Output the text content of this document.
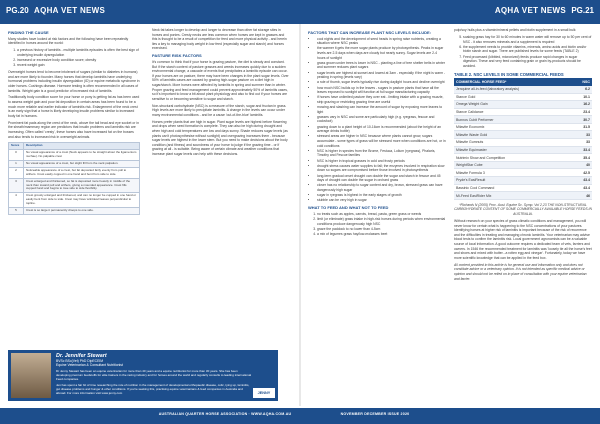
PG.20 AQHA VET NEWS	AQHA VET NEWS PG.21
FINDING THE CAUSE

Many studies have looked at risk factors and the following have been repeatedly identified in horses around the world:

1. a previous history of laminitis - multiple laminitis episodes is often the best sign of underlying insulin dysregulation
2. increased or excessive body condition score; obesity
3. recent weight gain

Overweight horses tend to become intolerant of sugars (similar to diabetes in humans) and are more likely to founder. Many horses that develop laminitis have underlying hormonal problems including insulin dysregulation (ID) or equine metabolic syndrome in older horses. Cushings disease. Hormone testing is often recommended in all cases of laminitis. Weight gain is a good predictor of increased risk of laminitis.

Traditionally body condition score for your horse or pony is getting fat as has been used to assess weight gain and poor fat deposition in certain areas has been found to be a much more reliable and earlier indicator of laminitis risk. Enlargement of the neck crest is an early sign that a horse is likely developing insulin problems similar to increased body fat in humans.

Prominent fat pads along the crest of the neck, above the tail head and eye socket or in the sheath/mammary region are predictors that insulin problems and laminitis risk are increasing. Often called 'cresty', these horses also have increased fat on the bosses and also tends to increased risk in overweight animals.

Score	Description
0	No visual appearance of a crest (Neck appears to be straight about the ligamentum nuchae). No palpable crest
1	No visual appearance of a crest, but slight fill from the neck palpation.
2	Noticeable appearance of a crest, but fat deposited fairly evenly from poll to withers. Crest easily cupped in one hand and bent from side to side.
3	Crest enlarged and thickened, so fat is deposited more heavily in middle of the neck than toward poll and withers, giving a mounded appearance. Crest fills cupped hand and begins to lose side to side flexibility.
4	Crest grossly enlarged and thickened, and can no longer be cupped in one hand or easily bent from side to side. Crest may have wrinkles/creases perpendicular to topline.
5	Crest is so large it permanently droops to one side.

Neck fat takes longer to develop and longer to decrease than other fat storage sites in horses and ponies. Cresty necks are less common when horses are kept in grasses and this is thought to be a result of competition for feed and more physical activity - and herein lies a key to managing body weight in low feed (especially sugar and starch) and horses exercised.

PASTURE RISK FACTORS

It's common to think that if your horse is grazing pasture, the diet is steady and constant. But if the starch content of pasture grasses and weeds increases quickly due to a sudden environmental change, a cascade of events that precipitates a laminitic episode can occur. If your horses are on pasture, there may have been changes in the plant sugar levels. Over 50% of laminitis cases are caused by grazing high-sugar pasture on a diet high in sugar/starch. More horses were affected by laminitis in spring and summer than in winter. Proper grazing and feed management could prevent approximately 50% of laminitis cases, so it's important to know a bit about plant physiology and also to find out if your horses are sensitive to or becoming sensitive to sugar and starch.

Non-structural carbohydrate (NSC) is a measure of the starch, sugar and fructan in grass. High levels are more likely to precipitate laminitis. A change in the levels can occur under many environmental conditions - and be a cause 'out-of-the-blue' laminitis.

Horses prefer plants that are high in sugar. Plant sugar levels are highest before flowering and drops when seed formation is complete. They can also be high during drought and when high and cold temperatures are low and days sunny. Shade reduces sugar levels (as plants can't photosynthesise without sunlight) and overgrazing increases them - because sugar levels are highest in the lower stem. But you need to make decisions about the body condition (and fitness) and soundness of your horse to judge if the grazing time - or if grazing at all - is suitable. Being aware of certain climate and weather conditions that increase plant sugar levels can help with these decisions.

Dr. Jennifer Stewart
BVSc BSc(Vet) PhD DipECEIM
Equine Veterinarian & Consultant Nutritionist
Dr Jenny Stewart has been an equine veterinarian for more than 40 years and a equine nutritionist for more than 30 years. She has been developing premium feedstuffs for elite trainers in the racing industry and for horses around the world and regularly consults to leading international Feed companies.
Jen has spent a fair bit of time researching the role of nutrition in the management of developmental orthopaedic disease, colic, tying up, laminitis, gut disease problems and hunger & other conditions. If you're seeking this, practising equine veterinarians & feed companies in Australia and abroad. For more information visit www.jenny.com	JENNY
FACTORS THAT CAN INCREASE PLANT NSC LEVELS INCLUDE:
• cool nights and the development of seed heads in spring raise nutrients, creating a situation where NSC peaks
• the warmer it gets the more sugar plants produce by photosynthesis. Peaks in sugar levels are 2-5 days when days are cloudy but nearly sunny. Sugar levels are 2-4 hours of sunlight
• grass grown under trees is lower in NSC - planting a line of tree shelter belts in winter and summer reduces plant sugars
• sugar levels are highest at sunset and lowest at 3am - especially if the night is warm - peaking in spring (levels vary)
• a rule of thumb, sugar levels typically rise during daylight hours and decline overnight
• how much NSC builds up in the leaves - sugars in pasture plants that have all the leaves exposed to sunlight will function at full sugar manufacturing capacity
• if horses have unlimited pasture they over eat - limiting intake with a grazing muzzle, strip grazing or restricting grazing time are useful
• mowing and slashing can increase the amount of sugar by exposing more leaves to light
• grasses vary in NSC and some are particularly high (e.g. ryegrass, fescue and cocksfoot)
• grazing down to a plant height of 10-16cm is recommended (about the height of an average drinks bottle)
• stressed areas are higher in NSC because where plants cannot grow, sugars accumulate - some types of grass will be stressed more when conditions are hot, or in cold conditions
• NSC is higher in species from the Brome, Festuca, Lolium (ryegrass), Phalaris, Timothy and Fescue families
• NSC is higher in tropical grasses in cold and frosty periods
• drought stress causes water supplies to fall; the enzymes involved in respiration slow down so sugars are compromised before those involved in photosynthesis
• long-term gradual onset drought can double the sugar and starch in fescue and 45 days of drought can double the sugar in orchard grass
• clover has no relationship to sugar content and dry, brown, stressed grass can have dangerously high sugar
• sugar in ryegrass is highest in the early stages of growth
• stubble can be very high in sugar
WHAT TO FEED AND WHAT NOT TO FEED
1. no treats such as apples, carrots, bread, pasta, green grass or weeds
2. limit (or eliminate) grass intake in high-risk horses during periods when environmental conditions produce dangerously high NSC
3. graze the paddock to no lower than 4-5cm
4. a mix of legumes grass hay/low-molasses beet

pulp/soy hulls plus a vitamin/mineral pellets and biotin supplement in a small bulk

5. soaking grass hay for 30 to 60 minutes in warm water will remove up to 50 per cent of NSC - it also removes minerals and a supplement is required
6. the supplement needs to provide vitamins, minerals, amino acids and biotin and/or biotin starch and sugar. There are published levels for some feeds (TABLE 2)
7. Feed processed (kibbled, micronized) feeds produce rapid changes in sugar digestion. These and very feed containing grain or grain by-products should be avoided.
TABLE 2. NSC LEVELS IN SOME COMMERCIAL FEEDS
COMMERCIAL HORSE FEED*	NSC
Jenquine all-in-feed (laboratory analysis)	6.2
Stance Gold	10.1
Omega Weight Gain	16.2
Stance Calidance	23.4
Bunnos Cubit Performer	30.7
Mitavite Economix	31.5
Mitavite Waste Gold	33
Mitavite Gumnuts	33
Mitavite Equimaster	33.4
Nutrimix Show and Competition	35.4
WeightStar Cube	40
Mitavite Formula 3	42.5
Pryde's EasiResult	43.4
Bassinic Cool Command	43.4
Mi-Feed EasiRider Mix	46
*Richards N (2005) Proc. Aust. Equine Sc. Symp. Vol 2,23 THE NON-STRUCTURAL CARBOHYDRATE CONTENT OF SOME COMMERCIALLY AVAILABLE HORSE FEEDS IN AUSTRALIA.

Without research on your species of grass climatic conditions and management, you will never know for certain what is happening to the NSC concentrations of your pastures. Identifying horses at higher risk of laminitis is important because of the risk of recurrence and the difficulties in treating and managing chronic laminitis. Your veterinarian may advise blood tests to confirm the laminitis risk. Local government agronomists can be a valuable source of local information. A good outcome requires a dedicated team of vets, farriers and owners. In 1546 the recommended treatment for laminitis was 'loosely tie all the horse's feet and shoes and mixed with butter...a rotten egg and vinegar'. Fortunately, today we have more scientific knowledge that can be applied in the feed box.

All content provided in this article is for general use and information only and does not constitute advice or a veterinary opinion. It is not intended as specific medical advice or opinion and should not be relied on in place of consultation with your equine veterinarian and farrier.

AUSTRALIAN QUARTER HORSE ASSOCIATION · WWW.AQHA.COM.AU	NOVEMBER DECEMBER ISSUE 2020
